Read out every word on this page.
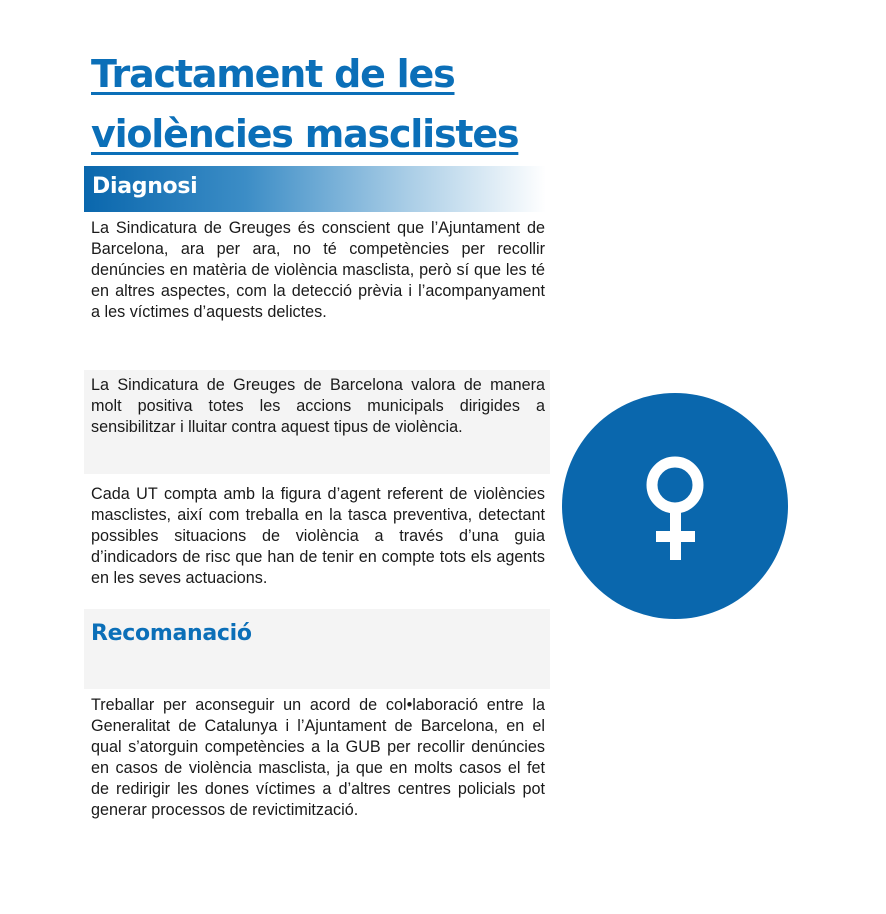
Tractament de les violències masclistes
Diagnosi

La Sindicatura de Greuges és conscient que l’Ajuntament de Barcelona, ara per ara, no té competències per recollir denúncies en matèria de violència masclista, però sí que les té en altres aspectes, com la detecció prèvia i l’acompanyament a les víctimes d’aquests delictes.

La Sindicatura de Greuges de Barcelona valora de manera molt positiva totes les accions municipals dirigides a sensibilitzar i lluitar contra aquest tipus de violència.

Cada UT compta amb la figura d’agent referent de violències masclistes, així com treballa en la tasca preventiva, detectant possibles situacions de violència a través d’una guia d’indicadors de risc que han de tenir en compte tots els agents en les seves actuacions.

Recomanació

Treballar per aconseguir un acord de col•laboració entre la Generalitat de Catalunya i l’Ajuntament de Barcelona, en el qual s’atorguin competències a la GUB per recollir denúncies en casos de violència masclista, ja que en molts casos el fet de redirigir les dones víctimes a d’altres centres policials pot generar processos de revictimització.
